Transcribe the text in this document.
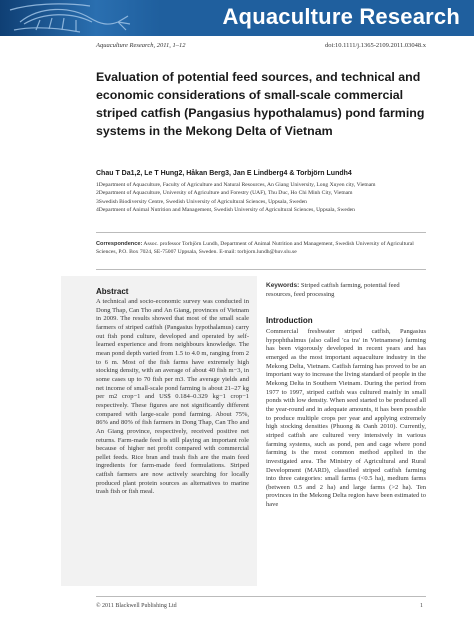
Aquaculture Research
Aquaculture Research, 2011, 1–12	doi:10.1111/j.1365-2109.2011.03048.x
Evaluation of potential feed sources, and technical and economic considerations of small-scale commercial striped catfish (Pangasius hypothalamus) pond farming systems in the Mekong Delta of Vietnam
Chau T Da1,2, Le T Hung2, Håkan Berg3, Jan E Lindberg4 & Torbjörn Lundh4

1Department of Aquaculture, Faculty of Agriculture and Natural Resources, An Giang University, Long Xuyen city, Vietnam

2Department of Aquaculture, University of Agriculture and Forestry (UAF), Thu Duc, Ho Chi Minh City, Vietnam

3Swedish Biodiversity Centre, Swedish University of Agricultural Sciences, Uppsala, Sweden

4Department of Animal Nutrition and Management, Swedish University of Agricultural Sciences, Uppsala, Sweden

Correspondence: Assoc. professor Torbjörn Lundh, Department of Animal Nutrition and Management, Swedish University of Agricultural Sciences, P.O. Box 7024, SE-75007 Uppsala, Sweden. E-mail: torbjorn.lundh@huv.slu.se
Abstract

A technical and socio-economic survey was conducted in Dong Thap, Can Tho and An Giang, provinces of Vietnam in 2009. The results showed that most of the small scale farmers of striped catfish (Pangasius hypothalamus) carry out fish pond culture, developed and operated by self-learned experience and from neighbours knowledge. The mean pond depth varied from 1.5 to 4.0 m, ranging from 2 to 6 m. Most of the fish farms have extremely high stocking density, with an average of about 40 fish m−3, in some cases up to 70 fish per m3. The average yields and net income of small-scale pond farming is about 21–27 kg per m2 crop−1 and US$ 0.184–0.329 kg−1 crop−1 respectively. These figures are not significantly different compared with large-scale pond farming. About 75%, 86% and 80% of fish farmers in Dong Thap, Can Tho and An Giang province, respectively, received positive net returns. Farm-made feed is still playing an important role because of higher net profit compared with commercial pellet feeds. Rice bran and trash fish are the main feed ingredients for farm-made feed formulations. Striped catfish farmers are now actively searching for locally produced plant protein sources as alternatives to marine trash fish or fish meal.

Keywords: Striped catfish farming, potential feed resources, feed processing

Introduction

Commercial freshwater striped catfish, Pangasius hypophthalmus (also called 'ca tra' in Vietnamese) farming has been vigorously developed in recent years and has emerged as the most important aquaculture industry in the Mekong Delta, Vietnam. Catfish farming has proved to be an important way to increase the living standard of people in the Mekong Delta in Southern Vietnam. During the period from 1977 to 1997, striped catfish was cultured mainly in small ponds with low density. When seed started to be produced all the year-round and in adequate amounts, it has been possible to produce multiple crops per year and applying extremely high stocking densities (Phuong & Oanh 2010). Currently, striped catfish are cultured very intensively in various farming systems, such as pond, pen and cage where pond farming is the most common method applied in the investigated area. The Ministry of Agricultural and Rural Development (MARD), classified striped catfish farming into three categories: small farms (<0.5 ha), medium farms (between 0.5 and 2 ha) and large farms (>2 ha). Ten provinces in the Mekong Delta region have been estimated to have

© 2011 Blackwell Publishing Ltd	1
